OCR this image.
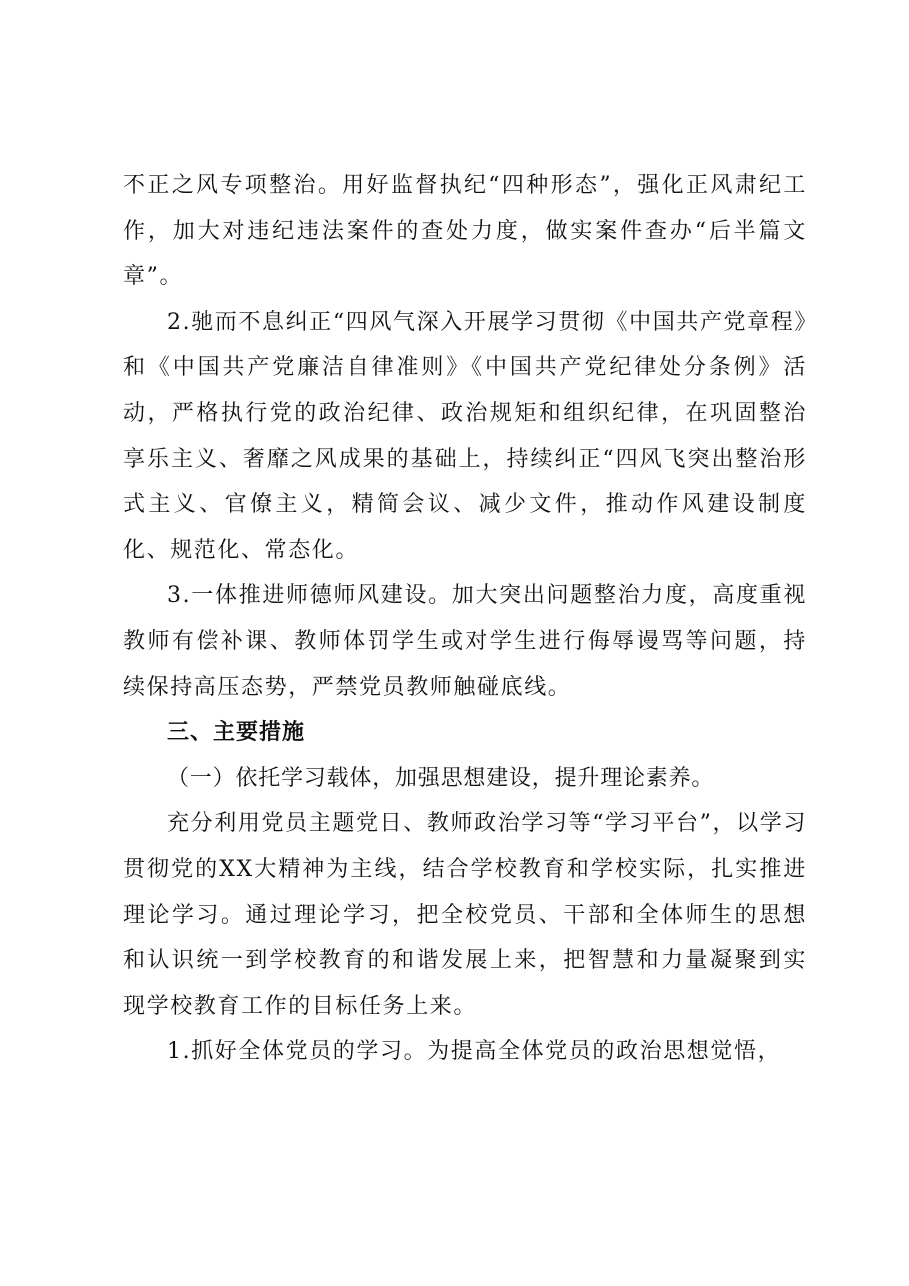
不正之风专项整治。用好监督执纪“四种形态”，强化正风肃纪工作，加大对违纪违法案件的查处力度，做实案件查办“后半篇文章”。

2.驰而不息纠正“四风气深入开展学习贯彻《中国共产党章程》和《中国共产党廉洁自律准则》《中国共产党纪律处分条例》活动，严格执行党的政治纪律、政治规矩和组织纪律，在巩固整治享乐主义、奢靡之风成果的基础上，持续纠正“四风飞突出整治形式主义、官僚主义，精简会议、减少文件，推动作风建设制度化、规范化、常态化。

3.一体推进师德师风建设。加大突出问题整治力度，高度重视教师有偿补课、教师体罚学生或对学生进行侮辱谩骂等问题，持续保持高压态势，严禁党员教师触碰底线。

三、主要措施

（一）依托学习载体，加强思想建设，提升理论素养。

充分利用党员主题党日、教师政治学习等“学习平台”，以学习贯彻党的XX大精神为主线，结合学校教育和学校实际，扎实推进理论学习。通过理论学习，把全校党员、干部和全体师生的思想和认识统一到学校教育的和谐发展上来，把智慧和力量凝聚到实现学校教育工作的目标任务上来。

1.抓好全体党员的学习。为提高全体党员的政治思想觉悟，
